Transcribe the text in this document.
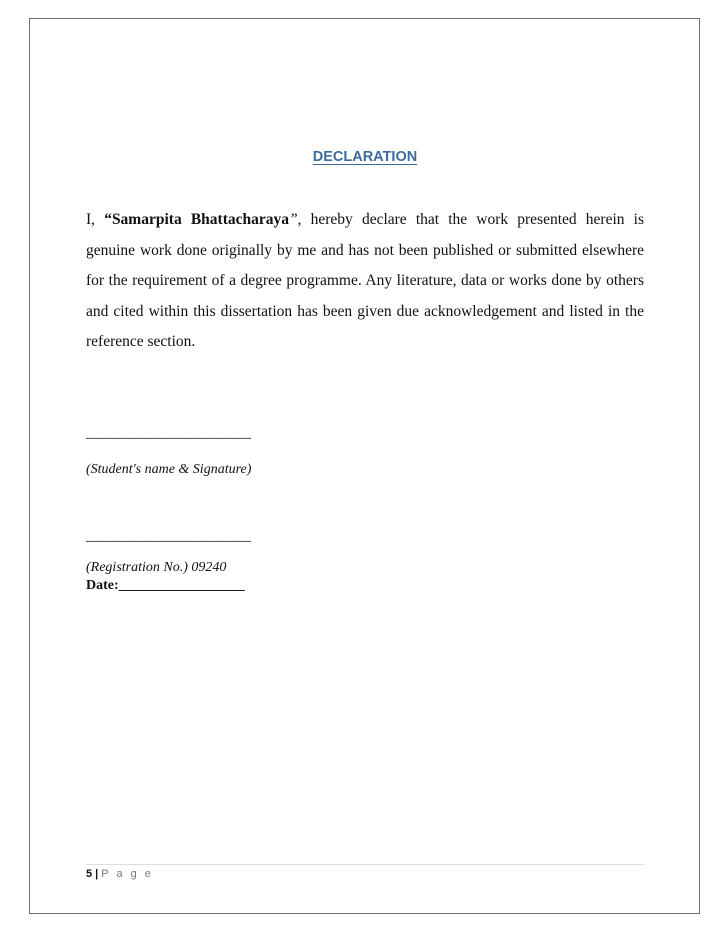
DECLARATION
I, “Samarpita Bhattacharaya”, hereby declare that the work presented herein is genuine work done originally by me and has not been published or submitted elsewhere for the requirement of a degree programme. Any literature, data or works done by others and cited within this dissertation has been given due acknowledgement and listed in the reference section.
______________________
(Student's name & Signature)
______________________
(Registration No.) 09240
Date:__________________
5 | P a g e
